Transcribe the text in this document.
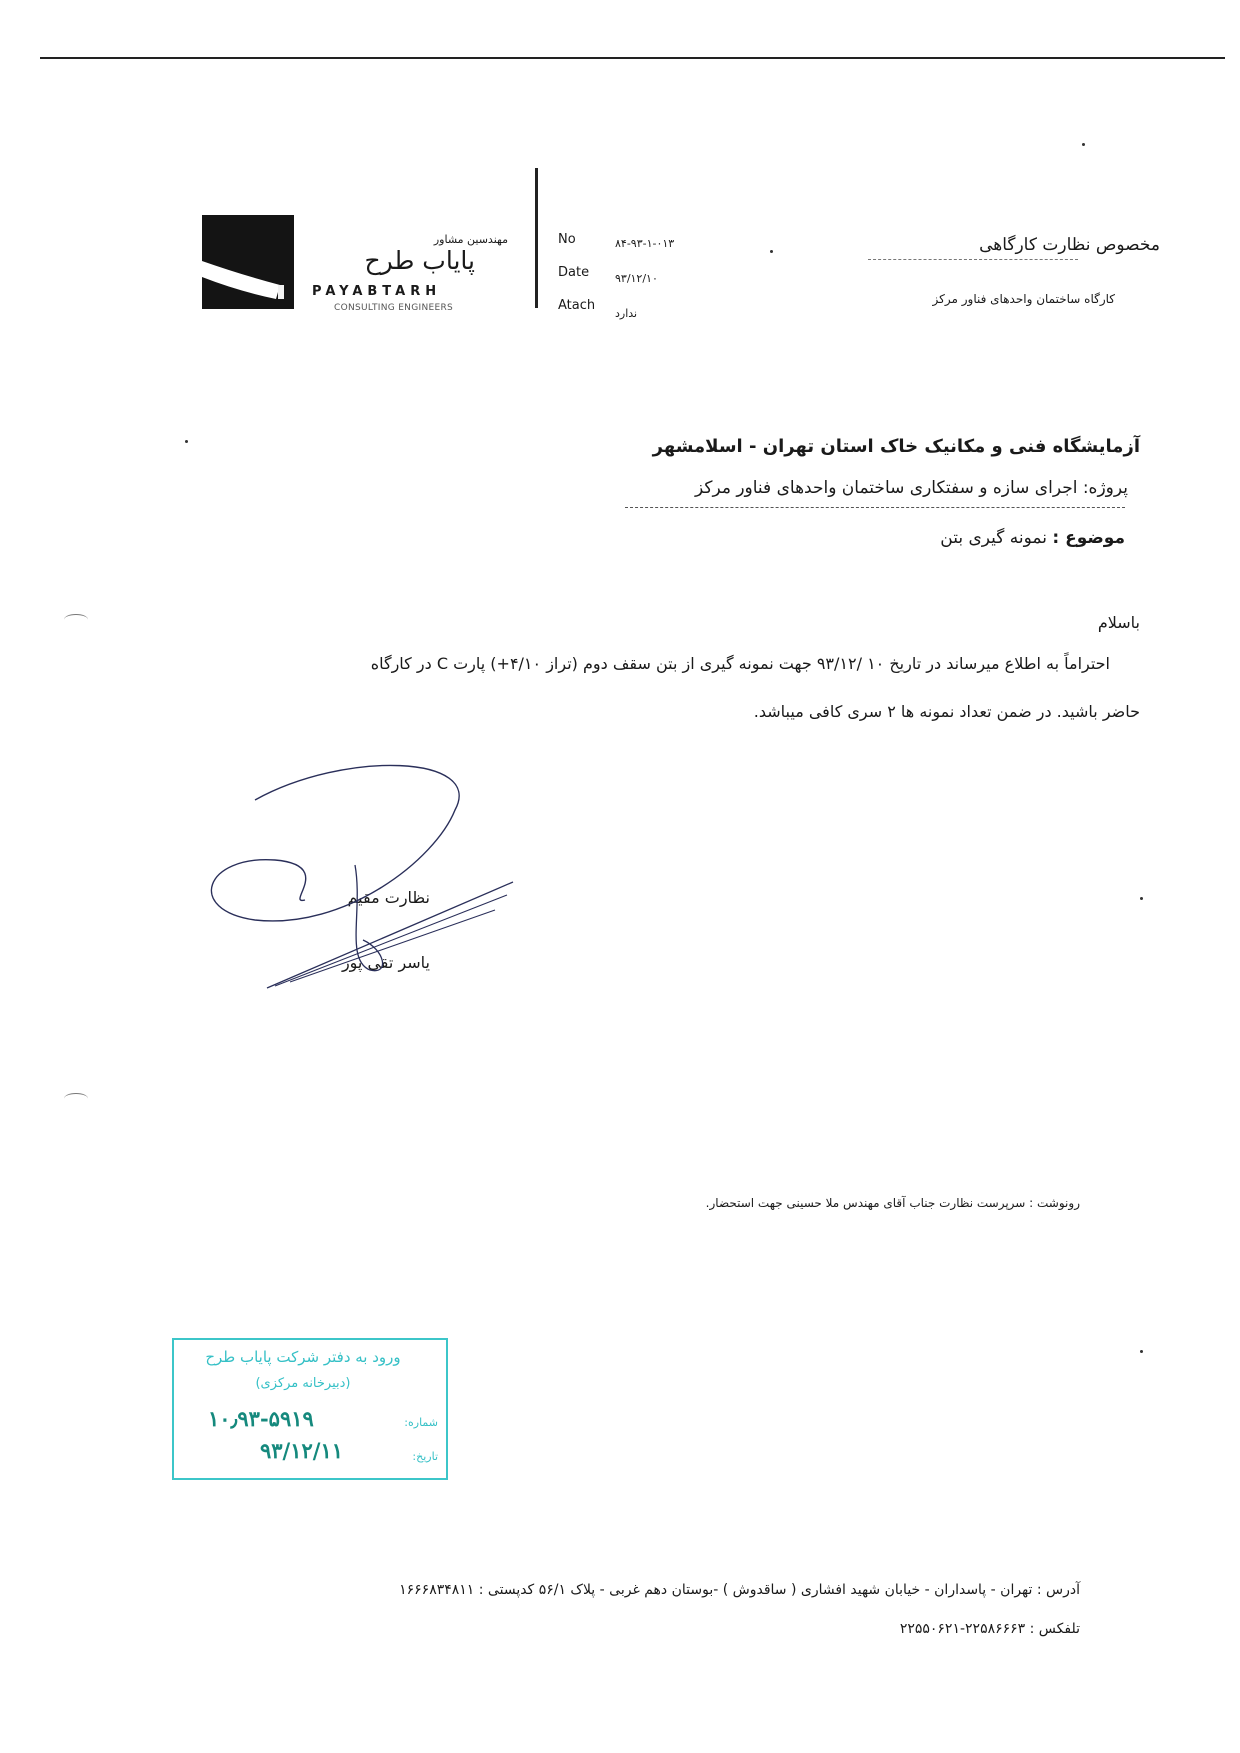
مهندسین مشاور
پایاب طرح
PAYABTARH
CONSULTING ENGINEERS
No	۸۴-۹۳-۱-۰۱۳
Date ۹۳/۱۲/۱۰
Atach
ندارد
مخصوص نظارت کارگاهی
کارگاه ساختمان واحدهای فناور مرکز
آزمایشگاه فنی و مکانیک خاک استان تهران - اسلامشهر
پروژه: اجرای سازه و سفتکاری ساختمان واحدهای فناور مرکز
موضوع : نمونه گیری بتن
باسلام
احتراماً به اطلاع میرساند در تاریخ ۱۰ /۹۳/۱۲ جهت نمونه گیری از بتن سقف دوم (تراز ۴/۱۰+) پارت C در کارگاه
حاضر باشید. در ضمن تعداد نمونه ها ۲ سری کافی میباشد.
نظارت مقیم
یاسر تقی پور
رونوشت : سرپرست نظارت جناب آقای مهندس ملا حسینی جهت استحضار.
ورود به دفتر شرکت پایاب طرح
(دبیرخانه مرکزی)
شماره:
۱۰٫۹۳-۵۹۱۹
تاریخ:
۹۳/۱۲/۱۱
آدرس : تهران - پاسداران - خیابان شهید افشاری ( ساقدوش ) -بوستان دهم غربی - پلاک ۵۶/۱ کدپستی : ۱۶۶۶۸۳۴۸۱۱
تلفکس : ۲۲۵۸۶۶۶۳-۲۲۵۵۰۶۲۱
